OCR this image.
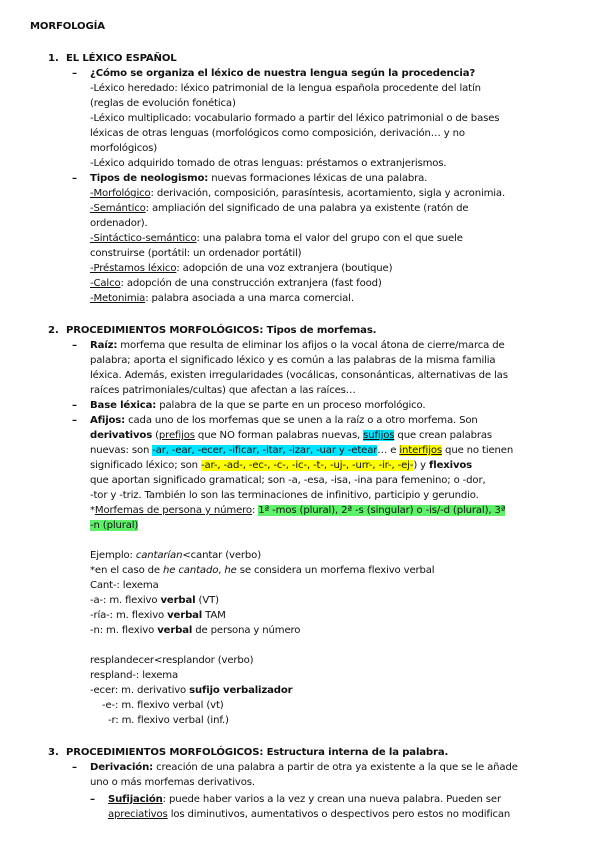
MORFOLOGÍA
1. EL LÉXICO ESPAÑOL
– ¿Cómo se organiza el léxico de nuestra lengua según la procedencia?
-Léxico heredado: léxico patrimonial de la lengua española procedente del latín
(reglas de evolución fonética)
-Léxico multiplicado: vocabulario formado a partir del léxico patrimonial o de bases
léxicas de otras lenguas (morfológicos como composición, derivación… y no
morfológicos)
-Léxico adquirido tomado de otras lenguas: préstamos o extranjerismos.
– Tipos de neologismo: nuevas formaciones léxicas de una palabra.
-Morfológico: derivación, composición, parasíntesis, acortamiento, sigla y acronimia.
-Semántico: ampliación del significado de una palabra ya existente (ratón de
ordenador).
-Sintáctico-semántico: una palabra toma el valor del grupo con el que suele
construirse (portátil: un ordenador portátil)
-Préstamos léxico: adopción de una voz extranjera (boutique)
-Calco: adopción de una construcción extranjera (fast food)
-Metonimia: palabra asociada a una marca comercial.
2. PROCEDIMIENTOS MORFOLÓGICOS: Tipos de morfemas.
– Raíz: morfema que resulta de eliminar los afijos o la vocal átona de cierre/marca de
palabra; aporta el significado léxico y es común a las palabras de la misma familia
léxica. Además, existen irregularidades (vocálicas, consonánticas, alternativas de las
raíces patrimoniales/cultas) que afectan a las raíces…
– Base léxica: palabra de la que se parte en un proceso morfológico.
– Afijos: cada uno de los morfemas que se unen a la raíz o a otro morfema. Son
derivativos (prefijos que NO forman palabras nuevas, sufijos que crean palabras
nuevas: son -ar, -ear, -ecer, -ificar, -itar, -izar, -uar y -etear… e interfijos que no tienen
significado léxico; son -ar-, -ad-, -ec-, -c-, -ic-, -t-, -uj-, -urr-, -ir-, -ej-) y flexivos
que aportan significado gramatical; son -a, -esa, -isa, -ina para femenino; o -dor,
-tor y -triz. También lo son las terminaciones de infinitivo, participio y gerundio.
*Morfemas de persona y número: 1ª -mos (plural), 2ª -s (singular) o -is/-d (plural), 3ª
-n (plural)
Ejemplo: cantarían<cantar (verbo)
*en el caso de he cantado, he se considera un morfema flexivo verbal
Cant-: lexema
-a-: m. flexivo verbal (VT)
-ría-: m. flexivo verbal TAM
-n: m. flexivo verbal de persona y número
resplandecer<resplandor (verbo)
respland-: lexema
-ecer: m. derivativo sufijo verbalizador
-e-: m. flexivo verbal (vt)
-r: m. flexivo verbal (inf.)
3. PROCEDIMIENTOS MORFOLÓGICOS: Estructura interna de la palabra.
– Derivación: creación de una palabra a partir de otra ya existente a la que se le añade
uno o más morfemas derivativos.
– Sufijación: puede haber varios a la vez y crean una nueva palabra. Pueden ser
apreciativos los diminutivos, aumentativos o despectivos pero estos no modifican
